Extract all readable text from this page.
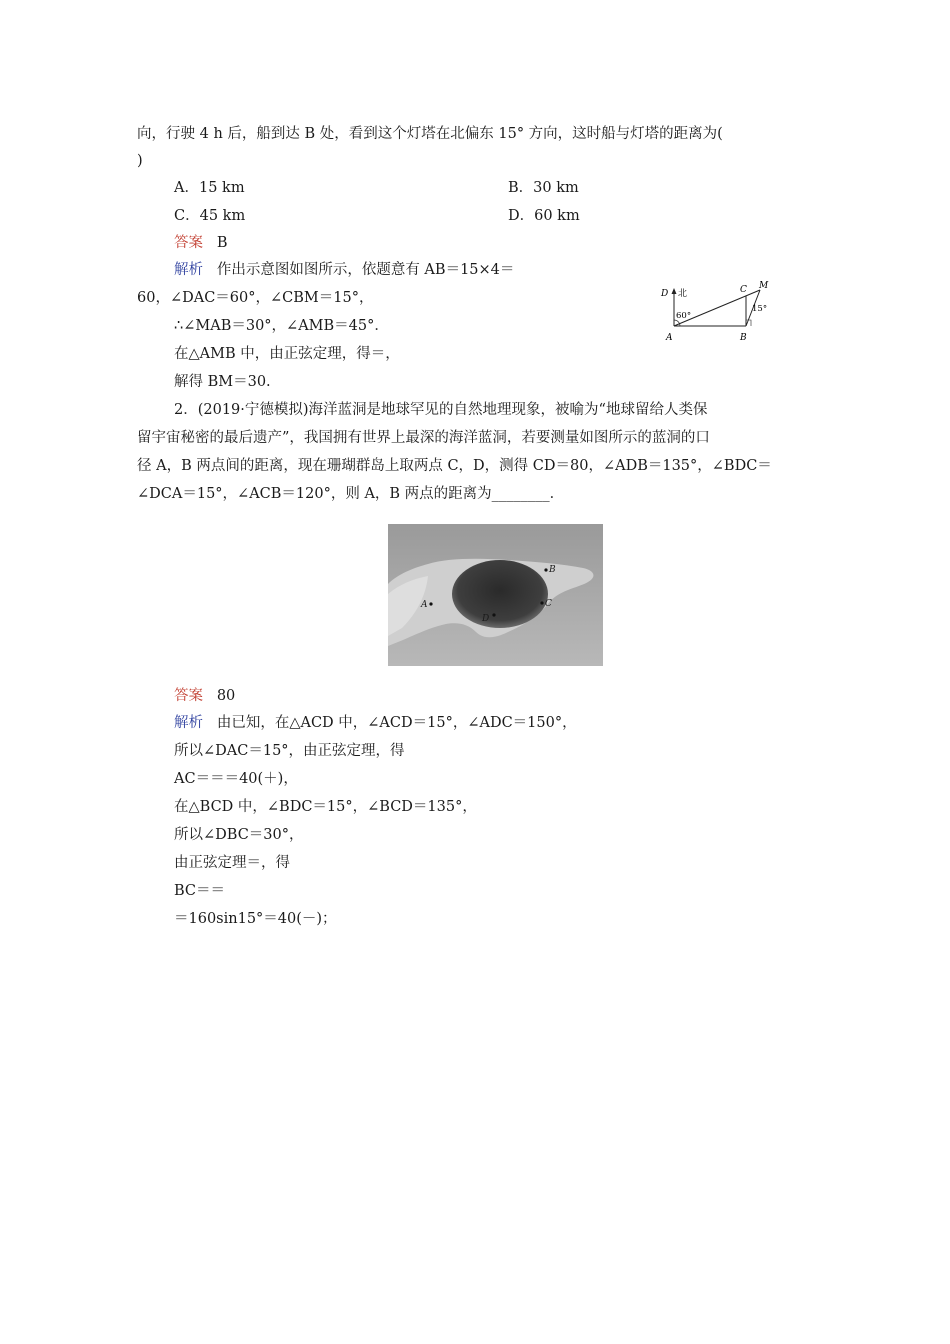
向，行驶 4 h 后，船到达 B 处，看到这个灯塔在北偏东 15° 方向，这时船与灯塔的距离为(
)
A．15 km	B．30 km
C．45 km	D．60 km
答案 B
解析 作出示意图如图所示，依题意有 AB＝15×4＝
60，∠DAC＝60°，∠CBM＝15°，
∴∠MAB＝30°，∠AMB＝45°．
在△AMB 中，由正弦定理，得＝，
解得 BM＝30.
D 北
60°
A	B
C M
15°
2．(2019·宁德模拟)海洋蓝洞是地球罕见的自然地理现象，被喻为“地球留给人类保
留宇宙秘密的最后遗产”，我国拥有世界上最深的海洋蓝洞，若要测量如图所示的蓝洞的口
径 A，B 两点间的距离，现在珊瑚群岛上取两点 C，D，测得 CD＝80，∠ADB＝135°，∠BDC＝
∠DCA＝15°，∠ACB＝120°，则 A，B 两点的距离为________．
B
A	C
D
答案 80
解析 由已知，在△ACD 中，∠ACD＝15°，∠ADC＝150°，
所以∠DAC＝15°，由正弦定理，得
AC＝＝＝40(＋)，
在△BCD 中，∠BDC＝15°，∠BCD＝135°，
所以∠DBC＝30°，
由正弦定理＝，得
BC＝＝
＝160sin15°＝40(－)；
